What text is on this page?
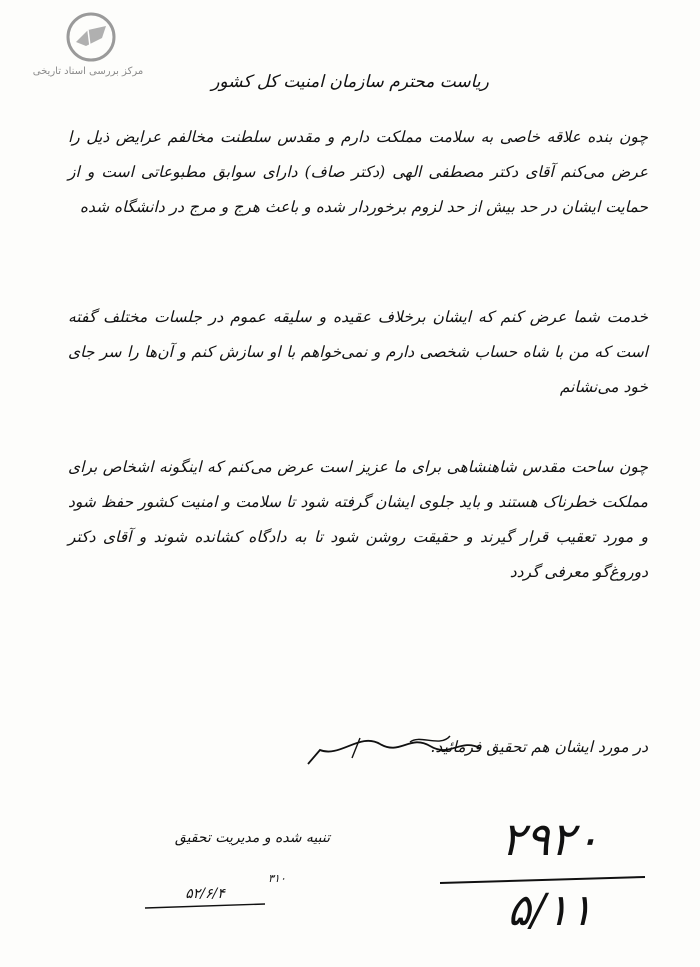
مرکز بررسی اسناد تاریخی
ریاست محترم سازمان امنیت کل کشور
چون بنده علاقه خاصی به سلامت مملکت دارم و مقدس سلطنت مخالفم عرایض ذیل را عرض می‌کنم آقای دکتر مصطفی الهی (دکتر صاف) دارای سوابق مطبوعاتی است و از حمایت ایشان در حد بیش از حد لزوم برخوردار شده و باعث هرج و مرج در دانشگاه شده
خدمت شما عرض کنم که ایشان برخلاف عقیده و سلیقه عموم در جلسات مختلف گفته است که من با شاه حساب شخصی دارم و نمی‌خواهم با او سازش کنم و آن‌ها را سر جای خود می‌نشانم
چون ساحت مقدس شاهنشاهی برای ما عزیز است عرض می‌کنم که اینگونه اشخاص برای مملکت خطرناک هستند و باید جلوی ایشان گرفته شود تا سلامت و امنیت کشور حفظ شود و مورد تعقیب قرار گیرند و حقیقت روشن شود تا به دادگاه کشانده شوند و آقای دکتر دوروغ‌گو معرفی گردد
در مورد ایشان هم تحقیق فرمائید.
تنبیه شده و مدیریت تحقیق
۵۲/۶/۴
۳۱۰
۲۹۲۰
۵/۱۱
